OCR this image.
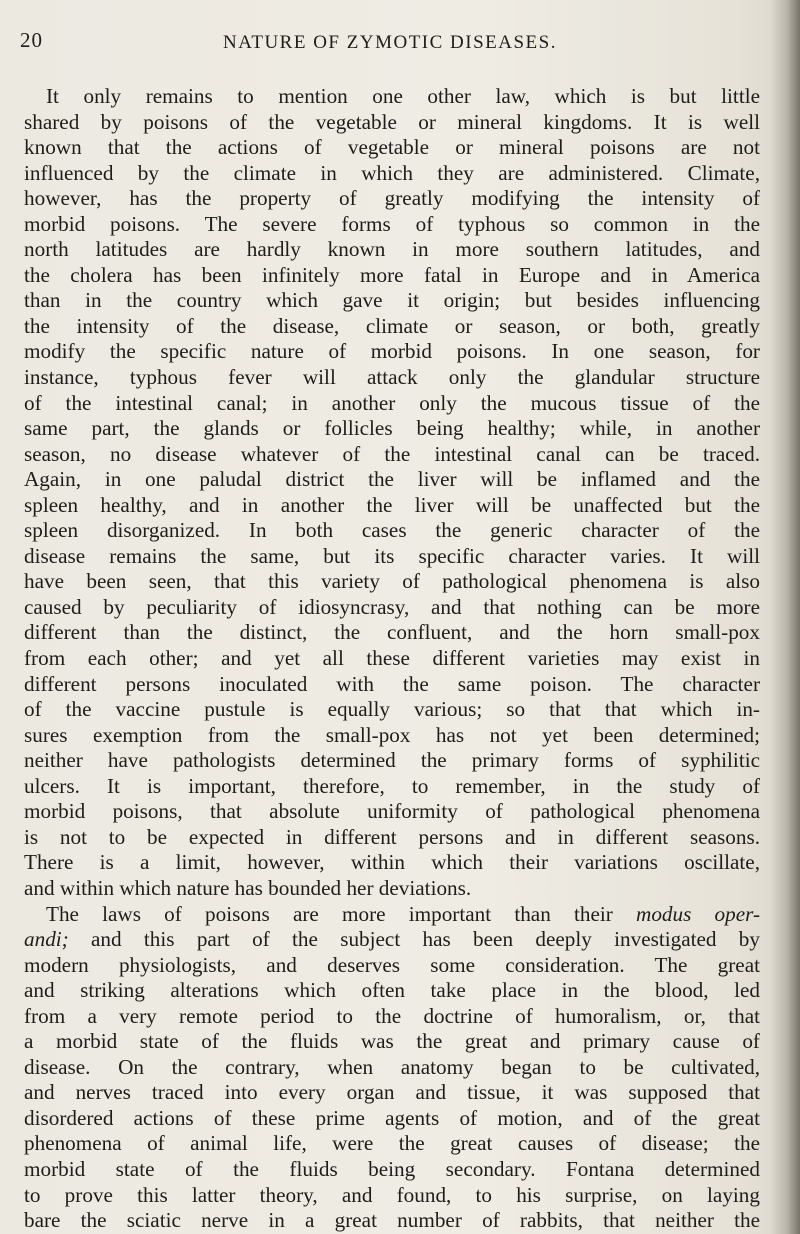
20	NATURE OF ZYMOTIC DISEASES.
It only remains to mention one other law, which is but little
shared by poisons of the vegetable or mineral kingdoms. It is well
known that the actions of vegetable or mineral poisons are not
influenced by the climate in which they are administered. Climate,
however, has the property of greatly modifying the intensity of
morbid poisons. The severe forms of typhous so common in the
north latitudes are hardly known in more southern latitudes, and
the cholera has been infinitely more fatal in Europe and in America
than in the country which gave it origin; but besides influencing
the intensity of the disease, climate or season, or both, greatly
modify the specific nature of morbid poisons. In one season, for
instance, typhous fever will attack only the glandular structure
of the intestinal canal; in another only the mucous tissue of the
same part, the glands or follicles being healthy; while, in another
season, no disease whatever of the intestinal canal can be traced.
Again, in one paludal district the liver will be inflamed and the
spleen healthy, and in another the liver will be unaffected but the
spleen disorganized. In both cases the generic character of the
disease remains the same, but its specific character varies. It will
have been seen, that this variety of pathological phenomena is also
caused by peculiarity of idiosyncrasy, and that nothing can be more
different than the distinct, the confluent, and the horn small-pox
from each other; and yet all these different varieties may exist in
different persons inoculated with the same poison. The character
of the vaccine pustule is equally various; so that that which in-
sures exemption from the small-pox has not yet been determined;
neither have pathologists determined the primary forms of syphilitic
ulcers. It is important, therefore, to remember, in the study of
morbid poisons, that absolute uniformity of pathological phenomena
is not to be expected in different persons and in different seasons.
There is a limit, however, within which their variations oscillate,
and within which nature has bounded her deviations.
The laws of poisons are more important than their modus oper-
andi; and this part of the subject has been deeply investigated by
modern physiologists, and deserves some consideration. The great
and striking alterations which often take place in the blood, led
from a very remote period to the doctrine of humoralism, or, that
a morbid state of the fluids was the great and primary cause of
disease. On the contrary, when anatomy began to be cultivated,
and nerves traced into every organ and tissue, it was supposed that
disordered actions of these prime agents of motion, and of the great
phenomena of animal life, were the great causes of disease; the
morbid state of the fluids being secondary. Fontana determined
to prove this latter theory, and found, to his surprise, on laying
bare the sciatic nerve in a great number of rabbits, that neither the
